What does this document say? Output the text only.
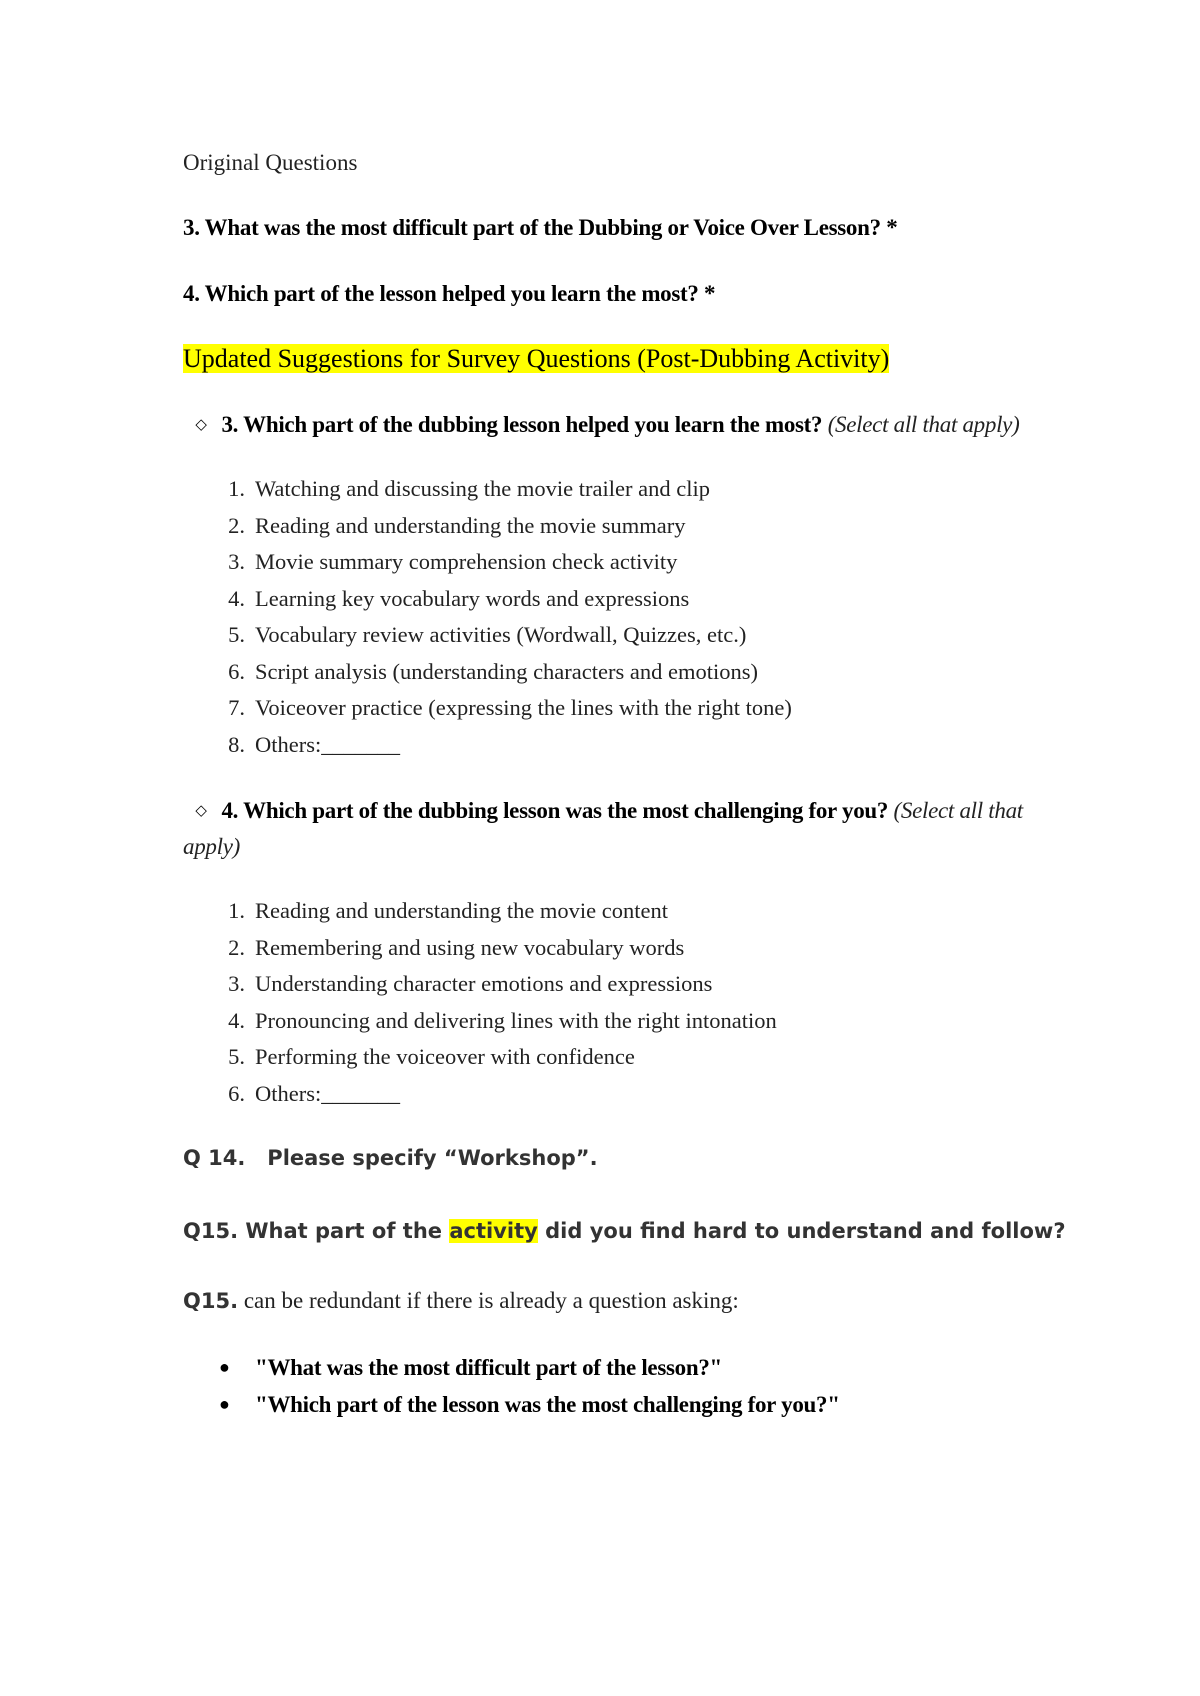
Original Questions
3. What was the most difficult part of the Dubbing or Voice Over Lesson? *
4. Which part of the lesson helped you learn the most? *
Updated Suggestions for Survey Questions (Post-Dubbing Activity)
◇ 3. Which part of the dubbing lesson helped you learn the most? (Select all that apply)
1. Watching and discussing the movie trailer and clip
2. Reading and understanding the movie summary
3. Movie summary comprehension check activity
4. Learning key vocabulary words and expressions
5. Vocabulary review activities (Wordwall, Quizzes, etc.)
6. Script analysis (understanding characters and emotions)
7. Voiceover practice (expressing the lines with the right tone)
8. Others:_______
◇ 4. Which part of the dubbing lesson was the most challenging for you? (Select all that
apply)
1. Reading and understanding the movie content
2. Remembering and using new vocabulary words
3. Understanding character emotions and expressions
4. Pronouncing and delivering lines with the right intonation
5. Performing the voiceover with confidence
6. Others:_______
Q 14.   Please specify “Workshop”.
Q15. What part of the activity did you find hard to understand and follow?
Q15. can be redundant if there is already a question asking:
● "What was the most difficult part of the lesson?"
● "Which part of the lesson was the most challenging for you?"
